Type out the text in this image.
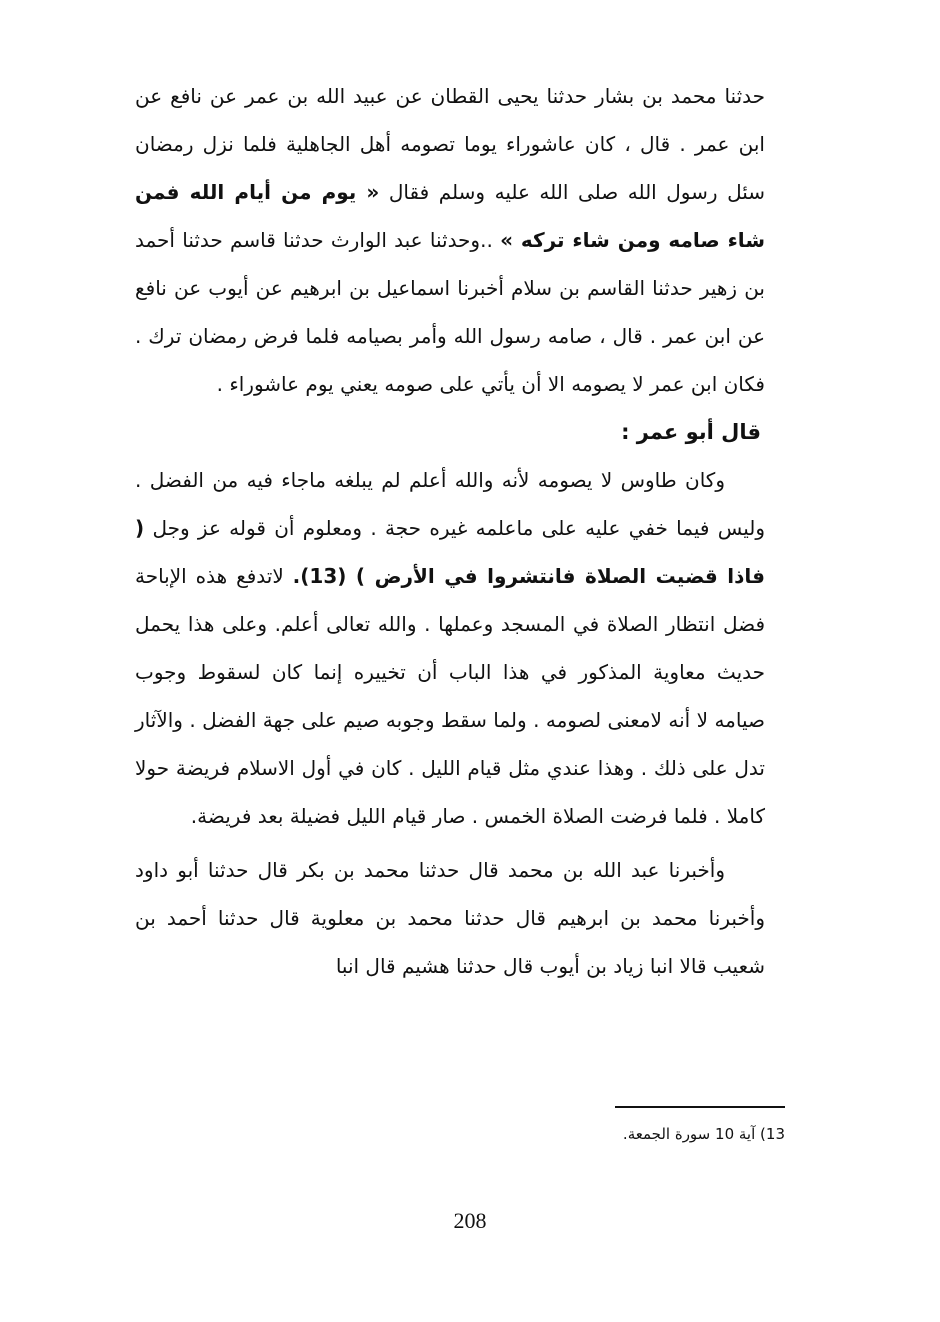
حدثنا محمد بن بشار حدثنا يحيى القطان عن عبيد الله بن عمر عن نافع عن ابن عمر . قال ، كان عاشوراء يوما تصومه أهل الجاهلية فلما نزل رمضان سئل رسول الله صلى الله عليه وسلم فقال « يوم من أيام الله فمن شاء صامه ومن شاء تركه » ..وحدثنا عبد الوارث حدثنا قاسم حدثنا أحمد بن زهير حدثنا القاسم بن سلام أخبرنا اسماعيل بن ابرهيم عن أيوب عن نافع عن ابن عمر . قال ، صامه رسول الله وأمر بصيامه فلما فرض رمضان ترك . فكان ابن عمر لا يصومه الا أن يأتي على صومه يعني يوم عاشوراء .

قال أبو عمر :

وكان طاوس لا يصومه لأنه والله أعلم لم يبلغه ماجاء فيه من الفضل . وليس فيما خفي عليه على ماعلمه غيره حجة . ومعلوم أن قوله عز وجل ( فاذا قضيت الصلاة فانتشروا في الأرض ) (13). لاتدفع هذه الإباحة فضل انتظار الصلاة في المسجد وعملها . والله تعالى أعلم. وعلى هذا يحمل حديث معاوية المذكور في هذا الباب أن تخييره إنما كان لسقوط وجوب صيامه لا أنه لامعنى لصومه . ولما سقط وجوبه صيم على جهة الفضل . والآثار تدل على ذلك . وهذا عندي مثل قيام الليل . كان في أول الاسلام فريضة حولا كاملا . فلما فرضت الصلاة الخمس . صار قيام الليل فضيلة بعد فريضة.

وأخبرنا عبد الله بن محمد قال حدثنا محمد بن بكر قال حدثنا أبو داود وأخبرنا محمد بن ابرهيم قال حدثنا محمد بن معلوية قال حدثنا أحمد بن شعيب قالا انبا زياد بن أيوب قال حدثنا هشيم قال انبا

13) آية 10 سورة الجمعة.
208
